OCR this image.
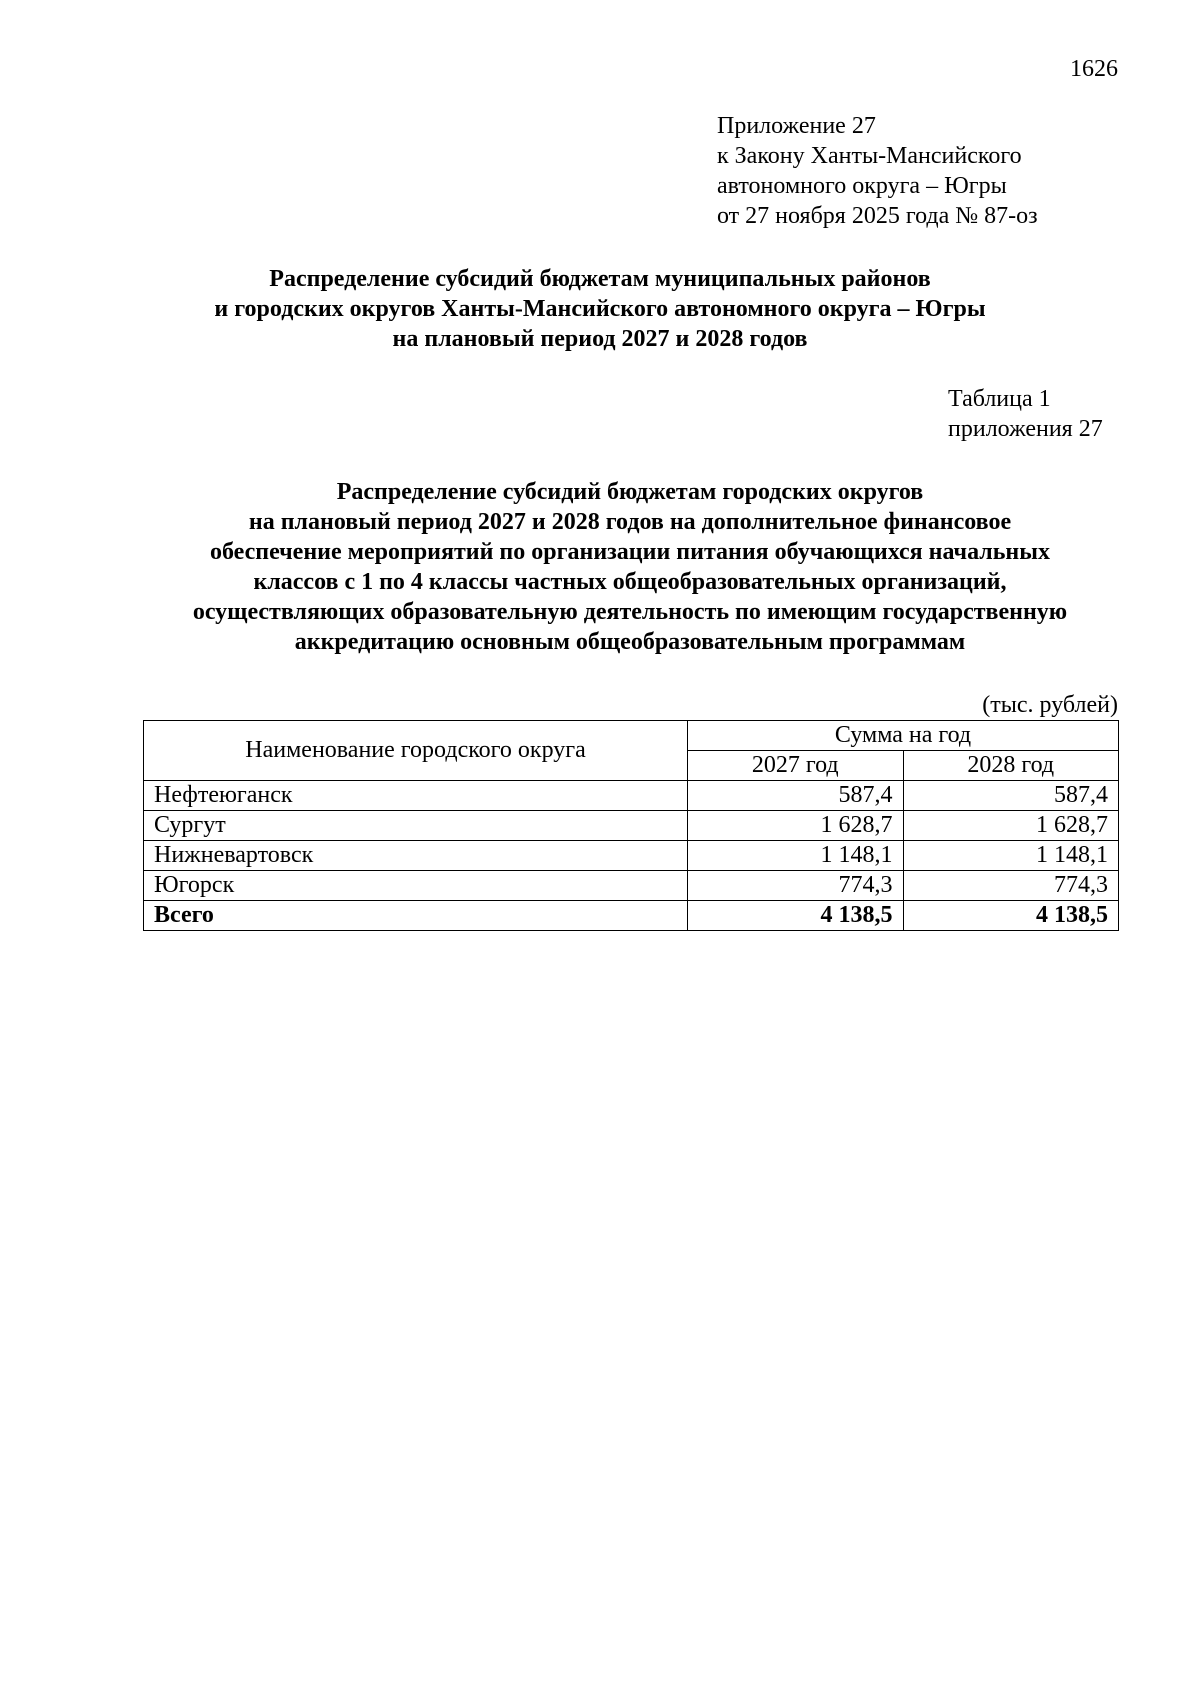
1626
Приложение 27
к Закону Ханты-Мансийского
автономного округа – Югры
от 27 ноября 2025 года № 87-оз
Распределение субсидий бюджетам муниципальных районов
и городских округов Ханты-Мансийского автономного округа – Югры
на плановый период 2027 и 2028 годов
Таблица 1
приложения 27
Распределение субсидий бюджетам городских округов
на плановый период 2027 и 2028 годов на дополнительное финансовое
обеспечение мероприятий по организации питания обучающихся начальных
классов с 1 по 4 классы частных общеобразовательных организаций,
осуществляющих образовательную деятельность по имеющим государственную
аккредитацию основным общеобразовательным программам
(тыс. рублей)
Наименование городского округа	Сумма на год	
	2027 год	2028 год
Нефтеюганск	587,4	587,4
Сургут	1 628,7	1 628,7
Нижневартовск	1 148,1	1 148,1
Югорск	774,3	774,3
Всего	4 138,5	4 138,5
